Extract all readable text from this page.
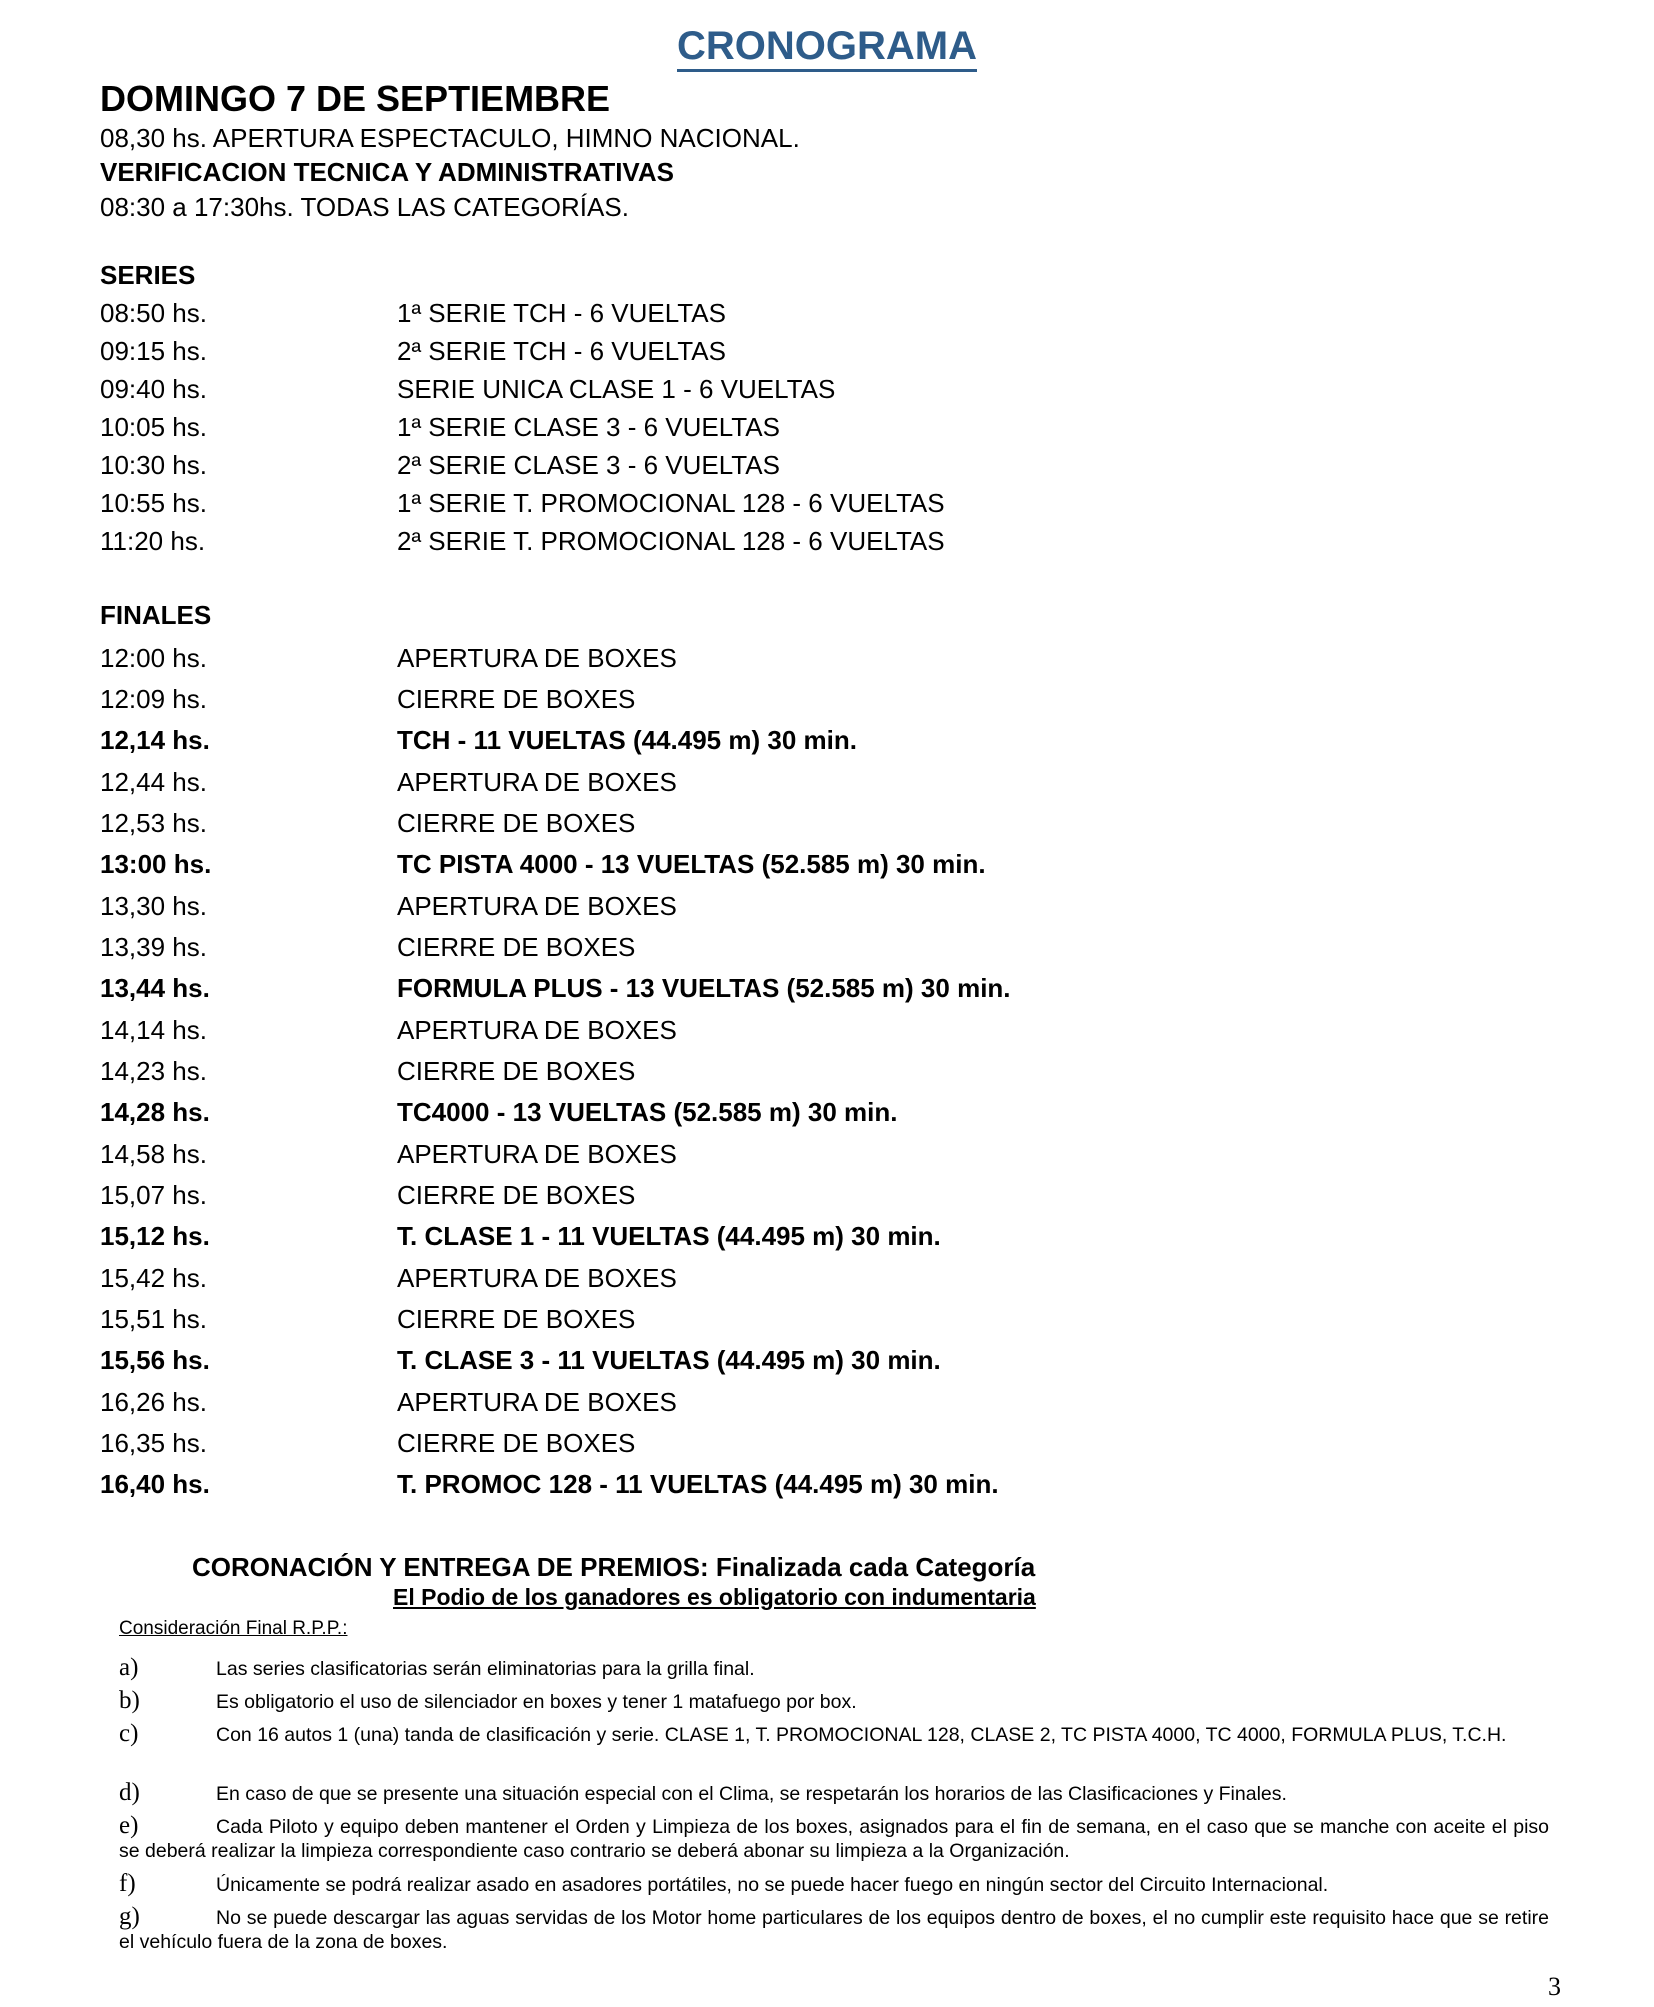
CRONOGRAMA
DOMINGO 7 DE SEPTIEMBRE
08,30 hs. APERTURA ESPECTACULO, HIMNO NACIONAL.
VERIFICACION TECNICA Y ADMINISTRATIVAS
08:30 a 17:30hs. TODAS LAS CATEGORÍAS.
SERIES
08:50 hs.	1ª SERIE TCH - 6 VUELTAS
09:15 hs.	2ª SERIE TCH - 6 VUELTAS
09:40 hs.	SERIE UNICA CLASE 1 - 6 VUELTAS
10:05 hs.	1ª SERIE CLASE 3 - 6 VUELTAS
10:30 hs.	2ª SERIE CLASE 3 - 6 VUELTAS
10:55 hs.	1ª SERIE T. PROMOCIONAL 128 - 6 VUELTAS
11:20 hs.	2ª SERIE T. PROMOCIONAL 128 - 6 VUELTAS
FINALES
12:00 hs.	APERTURA DE BOXES
12:09 hs.	CIERRE DE BOXES
12,14 hs.	TCH - 11 VUELTAS (44.495 m) 30 min.
12,44 hs.	APERTURA DE BOXES
12,53 hs.	CIERRE DE BOXES
13:00 hs.	TC PISTA 4000 - 13 VUELTAS (52.585 m) 30 min.
13,30 hs.	APERTURA DE BOXES
13,39 hs.	CIERRE DE BOXES
13,44 hs.	FORMULA PLUS - 13 VUELTAS (52.585 m) 30 min.
14,14 hs.	APERTURA DE BOXES
14,23 hs.	CIERRE DE BOXES
14,28 hs.	TC4000 - 13 VUELTAS (52.585 m) 30 min.
14,58 hs.	APERTURA DE BOXES
15,07 hs.	CIERRE DE BOXES
15,12 hs.	T. CLASE 1 - 11 VUELTAS (44.495 m) 30 min.
15,42 hs.	APERTURA DE BOXES
15,51 hs.	CIERRE DE BOXES
15,56 hs.	T. CLASE 3 - 11 VUELTAS (44.495 m) 30 min.
16,26 hs.	APERTURA DE BOXES
16,35 hs.	CIERRE DE BOXES
16,40 hs.	T. PROMOC 128 - 11 VUELTAS (44.495 m) 30 min.
CORONACIÓN Y ENTREGA DE PREMIOS: Finalizada cada Categoría
El Podio de los ganadores es obligatorio con indumentaria
Consideración Final R.P.P.:
a)	Las series clasificatorias serán eliminatorias para la grilla final.
b)	Es obligatorio el uso de silenciador en boxes y tener 1 matafuego por box.
c)	Con 16 autos 1 (una) tanda de clasificación y serie. CLASE 1, T. PROMOCIONAL 128, CLASE 2, TC PISTA 4000, TC 4000, FORMULA PLUS, T.C.H.
d)	En caso de que se presente una situación especial con el Clima, se respetarán los horarios de las Clasificaciones y Finales.
e)	Cada Piloto y equipo deben mantener el Orden y Limpieza de los boxes, asignados para el fin de semana, en el caso que se manche con aceite el piso se deberá realizar la limpieza correspondiente caso contrario se deberá abonar su limpieza a la Organización.
f)	Únicamente se podrá realizar asado en asadores portátiles, no se puede hacer fuego en ningún sector del Circuito Internacional.
g)	No se puede descargar las aguas servidas de los Motor home particulares de los equipos dentro de boxes, el no cumplir este requisito hace que se retire el vehículo fuera de la zona de boxes.
3
